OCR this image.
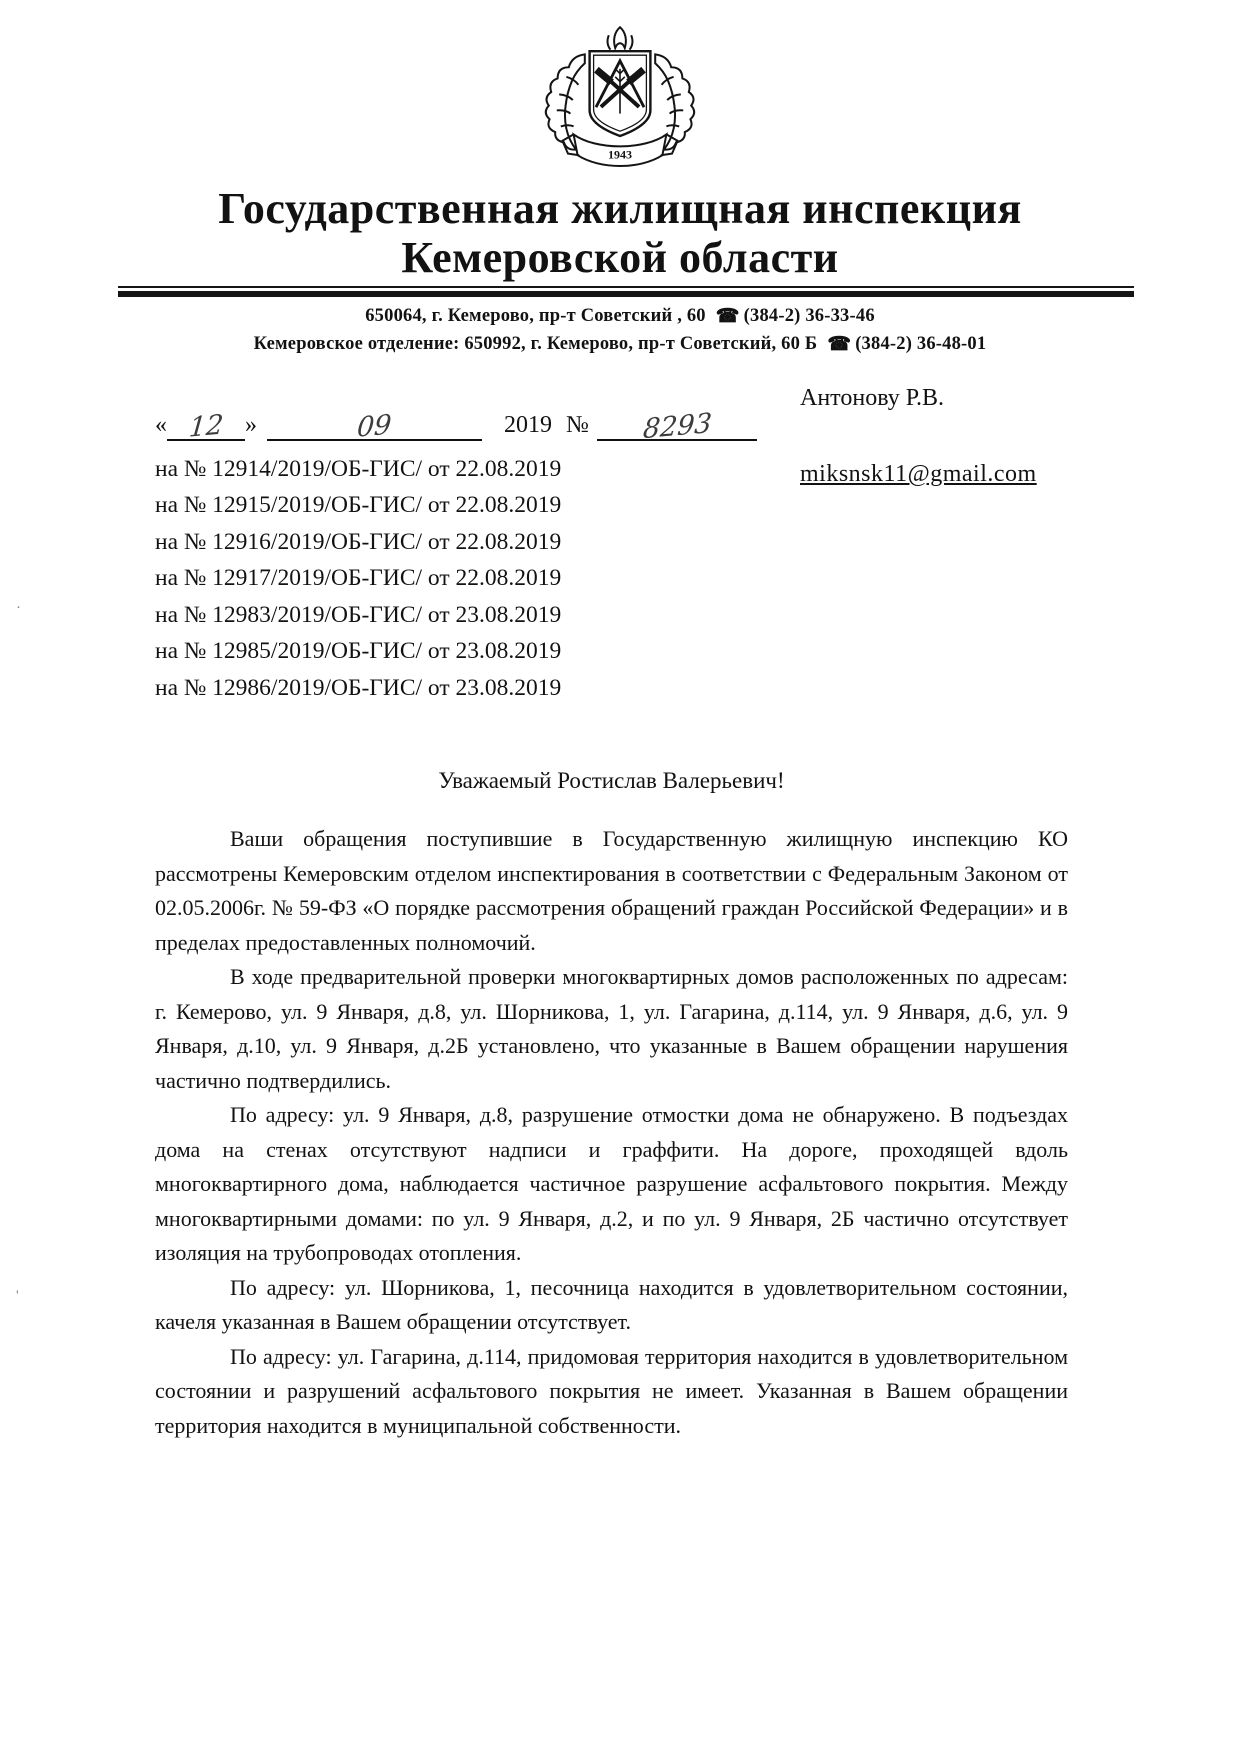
1943
Государственная жилищная инспекция
Кемеровской области
650064, г. Кемерово, пр-т Советский , 60 ☎ (384-2) 36-33-46
Кемеровское отделение: 650992, г. Кемерово, пр-т Советский, 60 Б ☎ (384-2) 36-48-01
« 12 »	09	2019 № 8293
Антонову Р.В.
miksnsk11@gmail.com
на № 12914/2019/ОБ-ГИС/ от 22.08.2019
на № 12915/2019/ОБ-ГИС/ от 22.08.2019
на № 12916/2019/ОБ-ГИС/ от 22.08.2019
на № 12917/2019/ОБ-ГИС/ от 22.08.2019
на № 12983/2019/ОБ-ГИС/ от 23.08.2019
на № 12985/2019/ОБ-ГИС/ от 23.08.2019
на № 12986/2019/ОБ-ГИС/ от 23.08.2019
Уважаемый Ростислав Валерьевич!

Ваши обращения поступившие в Государственную жилищную инспекцию КО рассмотрены Кемеровским отделом инспектирования в соответствии с Федеральным Законом от 02.05.2006г. № 59-ФЗ «О порядке рассмотрения обращений граждан Российской Федерации» и в пределах предоставленных полномочий.

В ходе предварительной проверки многоквартирных домов расположенных по адресам: г. Кемерово, ул. 9 Января, д.8, ул. Шорникова, 1, ул. Гагарина, д.114, ул. 9 Января, д.6, ул. 9 Января, д.10, ул. 9 Января, д.2Б установлено, что указанные в Вашем обращении нарушения частично подтвердились.

По адресу: ул. 9 Января, д.8, разрушение отмостки дома не обнаружено. В подъездах дома на стенах отсутствуют надписи и граффити. На дороге, проходящей вдоль многоквартирного дома, наблюдается частичное разрушение асфальтового покрытия. Между многоквартирными домами: по ул. 9 Января, д.2, и по ул. 9 Января, 2Б частично отсутствует изоляция на трубопроводах отопления.

По адресу: ул. Шорникова, 1, песочница находится в удовлетворительном состоянии, качеля указанная в Вашем обращении отсутствует.

По адресу: ул. Гагарина, д.114, придомовая территория находится в удовлетворительном состоянии и разрушений асфальтового покрытия не имеет. Указанная в Вашем обращении территория находится в муниципальной собственности.

·
'
